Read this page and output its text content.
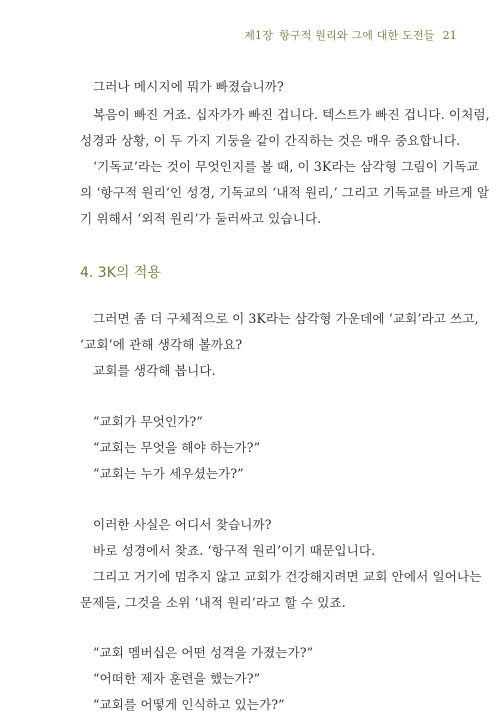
제1장 항구적 원리와 그에 대한 도전들 21
그러나 메시지에 뭐가 빠졌습니까?
복음이 빠진 거죠. 십자가가 빠진 겁니다. 텍스트가 빠진 겁니다. 이처럼,
성경과 상황, 이 두 가지 기둥을 같이 간직하는 것은 매우 중요합니다.
‘기독교’라는 것이 무엇인지를 볼 때, 이 3K라는 삼각형 그림이 기독교
의 ‘항구적 원리’인 성경, 기독교의 ‘내적 원리,’ 그리고 기독교를 바르게 알
기 위해서 ‘외적 원리’가 둘러싸고 있습니다.
4. 3K의 적용
그러면 좀 더 구체적으로 이 3K라는 삼각형 가운데에 ‘교회’라고 쓰고,
‘교회’에 관해 생각해 볼까요?
교회를 생각해 봅니다.
“교회가 무엇인가?”
“교회는 무엇을 해야 하는가?”
“교회는 누가 세우셨는가?”
이러한 사실은 어디서 찾습니까?
바로 성경에서 찾죠. ‘항구적 원리’이기 때문입니다.
그리고 거기에 멈추지 않고 교회가 건강해지려면 교회 안에서 일어나는
문제들, 그것을 소위 ‘내적 원리’라고 할 수 있죠.
“교회 멤버십은 어떤 성격을 가졌는가?”
“어떠한 제자 훈련을 했는가?”
“교회를 어떻게 인식하고 있는가?”
